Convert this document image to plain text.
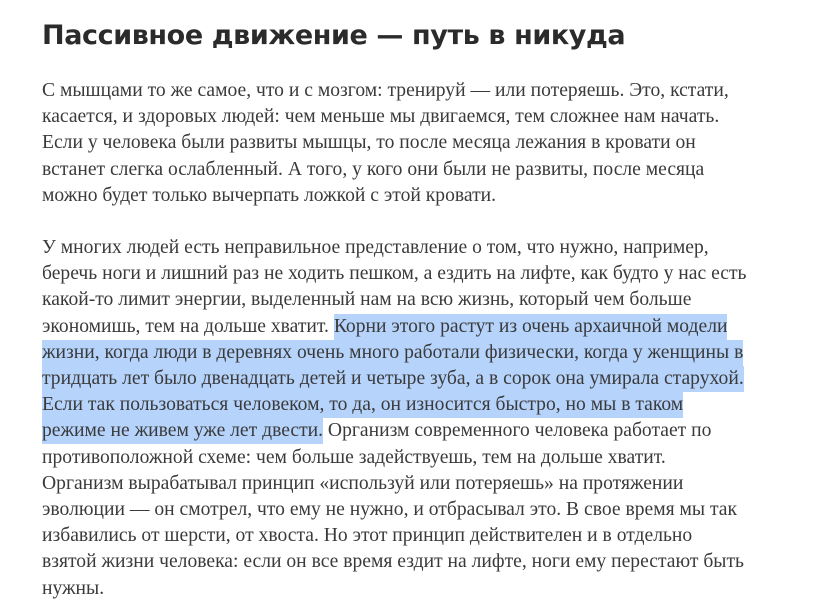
Пассивное движение — путь в никуда

С мышцами то же самое, что и с мозгом: тренируй — или потеряешь. Это, кстати,
касается, и здоровых людей: чем меньше мы двигаемся, тем сложнее нам начать.
Если у человека были развиты мышцы, то после месяца лежания в кровати он
встанет слегка ослабленный. А того, у кого они были не развиты, после месяца
можно будет только вычерпать ложкой с этой кровати.

У многих людей есть неправильное представление о том, что нужно, например,
беречь ноги и лишний раз не ходить пешком, а ездить на лифте, как будто у нас есть
какой-то лимит энергии, выделенный нам на всю жизнь, который чем больше
экономишь, тем на дольше хватит. Корни этого растут из очень архаичной модели
жизни, когда люди в деревнях очень много работали физически, когда у женщины в
тридцать лет было двенадцать детей и четыре зуба, а в сорок она умирала старухой.
Если так пользоваться человеком, то да, он износится быстро, но мы в таком
режиме не живем уже лет двести. Организм современного человека работает по
противоположной схеме: чем больше задействуешь, тем на дольше хватит.
Организм вырабатывал принцип «используй или потеряешь» на протяжении
эволюции — он смотрел, что ему не нужно, и отбрасывал это. В свое время мы так
избавились от шерсти, от хвоста. Но этот принцип действителен и в отдельно
взятой жизни человека: если он все время ездит на лифте, ноги ему перестают быть
нужны.
